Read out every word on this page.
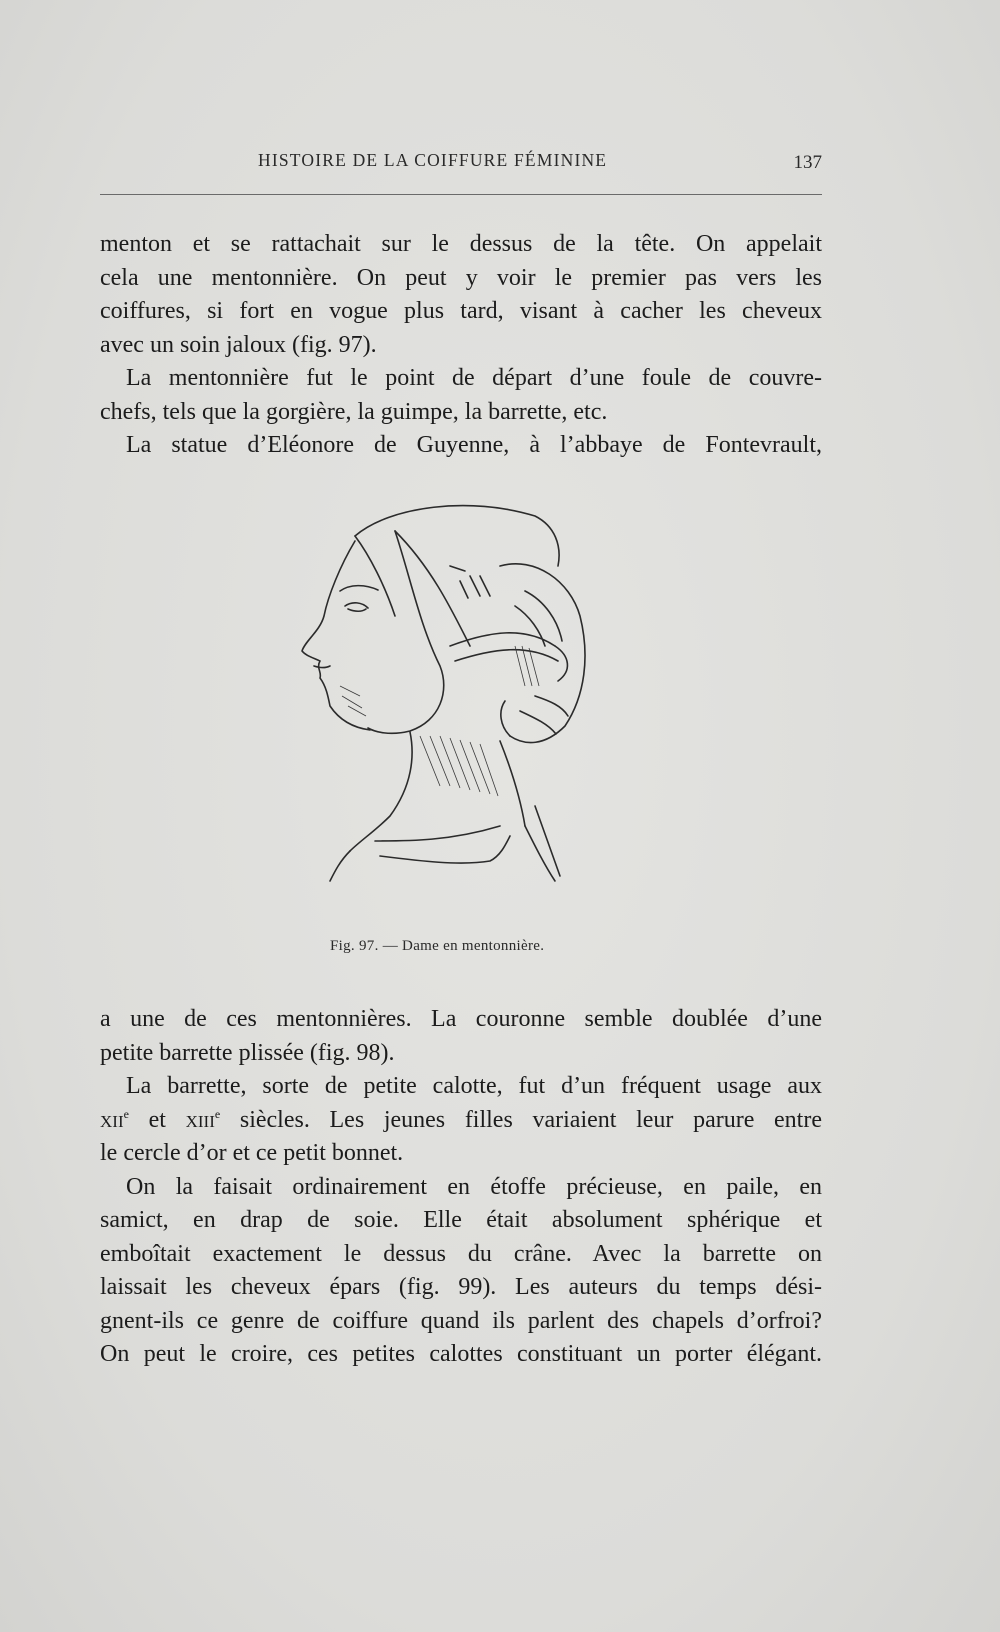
HISTOIRE DE LA COIFFURE FÉMININE	137

menton et se rattachait sur le dessus de la tête. On appelait
cela une mentonnière. On peut y voir le premier pas vers les
coiffures, si fort en vogue plus tard, visant à cacher les cheveux
avec un soin jaloux (fig. 97).

La mentonnière fut le point de départ d’une foule de couvre-
chefs, tels que la gorgière, la guimpe, la barrette, etc.

La statue d’Eléonore de Guyenne, à l’abbaye de Fontevrault,

Fig. 97. — Dame en mentonnière.

a une de ces mentonnières. La couronne semble doublée d’une
petite barrette plissée (fig. 98).

La barrette, sorte de petite calotte, fut d’un fréquent usage aux
xii$^e$ et xiii$^e$ siècles. Les jeunes filles variaient leur parure entre
le cercle d’or et ce petit bonnet.

On la faisait ordinairement en étoffe précieuse, en paile, en
samict, en drap de soie. Elle était absolument sphérique et
emboîtait exactement le dessus du crâne. Avec la barrette on
laissait les cheveux épars (fig. 99). Les auteurs du temps dési-
gnent-ils ce genre de coiffure quand ils parlent des chapels d’orfroi?
On peut le croire, ces petites calottes constituant un porter élégant.
